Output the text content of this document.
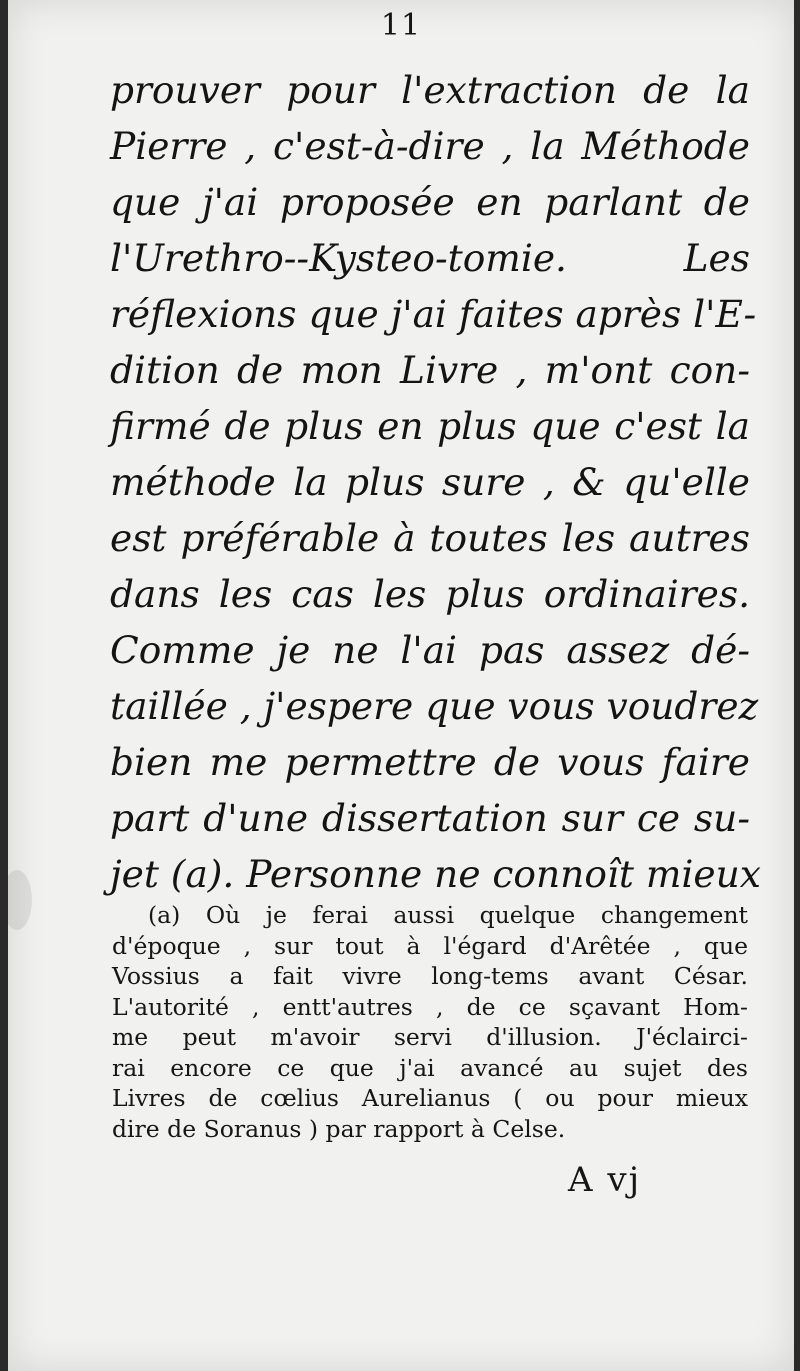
11
prouver pour l'extraction de la
Pierre , c'est-à-dire , la Méthode
que j'ai proposée en parlant de
l'Urethro--Kysteo-tomie. Les
réflexions que j'ai faites après l'E-
dition de mon Livre , m'ont con-
firmé de plus en plus que c'est la
méthode la plus sure , & qu'elle
est préférable à toutes les autres
dans les cas les plus ordinaires.
Comme je ne l'ai pas assez dé-
taillée , j'espere que vous voudrez
bien me permettre de vous faire
part d'une dissertation sur ce su-
jet (a). Personne ne connoît mieux
(a) Où je ferai aussi quelque changement
d'époque , sur tout à l'égard d'Arêtée , que
Vossius a fait vivre long-tems avant César.
L'autorité , entt'autres , de ce sçavant Hom-
me peut m'avoir servi d'illusion. J'éclairci-
rai encore ce que j'ai avancé au sujet des
Livres de cœlius Aurelianus ( ou pour mieux
dire de Soranus ) par rapport à Celse.
A vj
